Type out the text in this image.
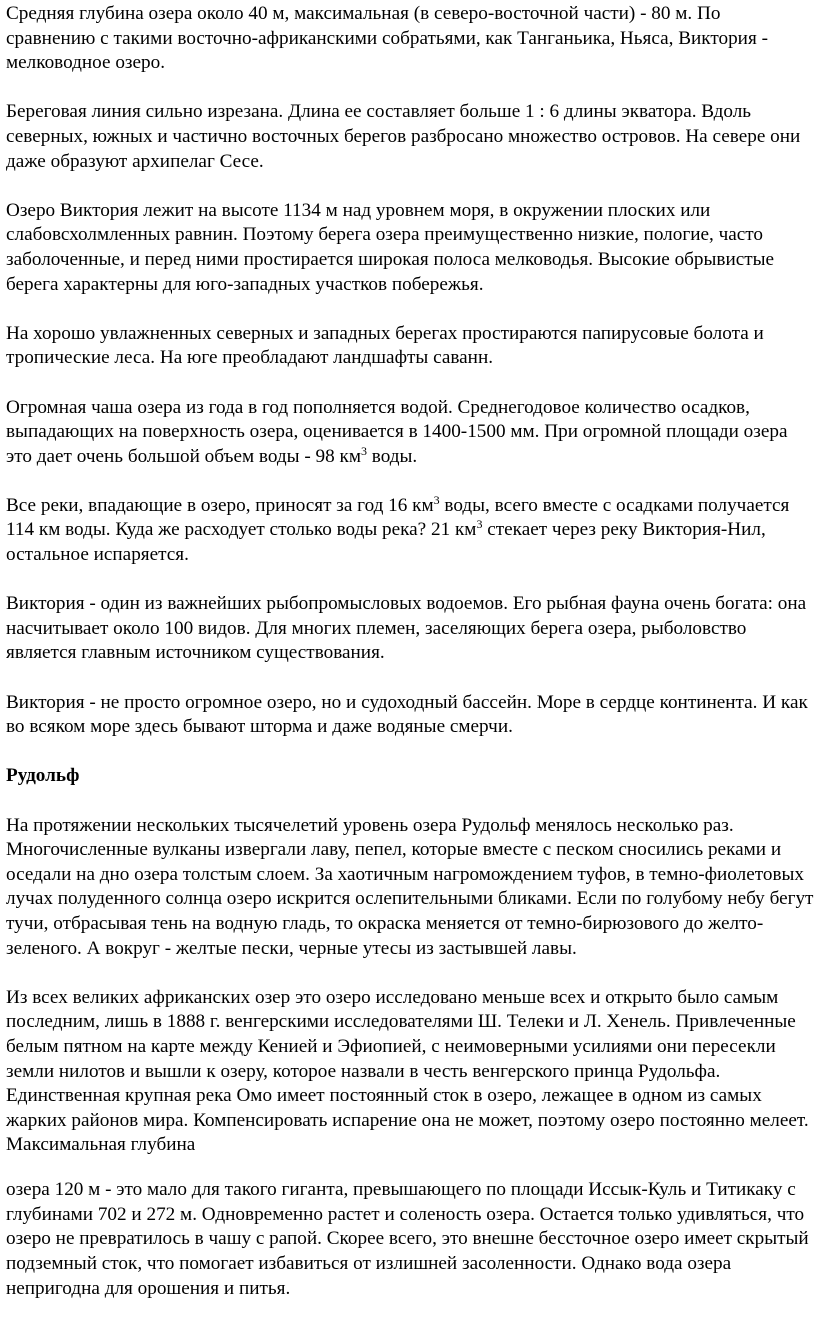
Средняя глубина озера около 40 м, максимальная (в северо-восточной части) - 80 м. По сравнению с такими восточно-африканскими собратьями, как Танганьика, Ньяса, Виктория - мелководное озеро.

Береговая линия сильно изрезана. Длина ее составляет больше 1 : 6 длины экватора. Вдоль северных, южных и частично восточных берегов разбросано множество островов. На севере они даже образуют архипелаг Сесе.

Озеро Виктория лежит на высоте 1134 м над уровнем моря, в окружении плоских или слабовсхолмленных равнин. Поэтому берега озера преимущественно низкие, пологие, часто заболоченные, и перед ними простирается широкая полоса мелководья. Высокие обрывистые берега характерны для юго-западных участков побережья.

На хорошо увлажненных северных и западных берегах простираются папирусовые болота и тропические леса. На юге преобладают ландшафты саванн.

Огромная чаша озера из года в год пополняется водой. Среднегодовое количество осадков, выпадающих на поверхность озера, оценивается в 1400-1500 мм. При огромной площади озера это дает очень большой объем воды - 98 $км^3$ воды.

Все реки, впадающие в озеро, приносят за год 16 $км^3$ воды, всего вместе с осадками получается 114 км воды. Куда же расходует столько воды река? 21 $км^3$ стекает через реку Виктория-Нил, остальное испаряется.

Виктория - один из важнейших рыбопромысловых водоемов. Его рыбная фауна очень богата: она насчитывает около 100 видов. Для многих племен, заселяющих берега озера, рыболовство является главным источником существования.

Виктория - не просто огромное озеро, но и судоходный бассейн. Море в сердце континента. И как во всяком море здесь бывают шторма и даже водяные смерчи.

Рудольф

На протяжении нескольких тысячелетий уровень озера Рудольф менялось несколько раз. Многочисленные вулканы извергали лаву, пепел, которые вместе с песком сносились реками и оседали на дно озера толстым слоем. За хаотичным нагромождением туфов, в темно-фиолетовых лучах полуденного солнца озеро искрится ослепительными бликами. Если по голубому небу бегут тучи, отбрасывая тень на водную гладь, то окраска меняется от темно-бирюзового до желто-зеленого. А вокруг - желтые пески, черные утесы из застывшей лавы.

Из всех великих африканских озер это озеро исследовано меньше всех и открыто было самым последним, лишь в 1888 г. венгерскими исследователями Ш. Телеки и Л. Хенель. Привлеченные белым пятном на карте между Кенией и Эфиопией, с неимоверными усилиями они пересекли земли нилотов и вышли к озеру, которое назвали в честь венгерского принца Рудольфа. Единственная крупная река Омо имеет постоянный сток в озеро, лежащее в одном из самых жарких районов мира. Компенсировать испарение она не может, поэтому озеро постоянно мелеет. Максимальная глубина

озера 120 м - это мало для такого гиганта, превышающего по площади Иссык-Куль и Титикаку с глубинами 702 и 272 м. Одновременно растет и соленость озера. Остается только удивляться, что озеро не превратилось в чашу с рапой. Скорее всего, это внешне бессточное озеро имеет скрытый подземный сток, что помогает избавиться от излишней засоленности. Однако вода озера непригодна для орошения и питья.
